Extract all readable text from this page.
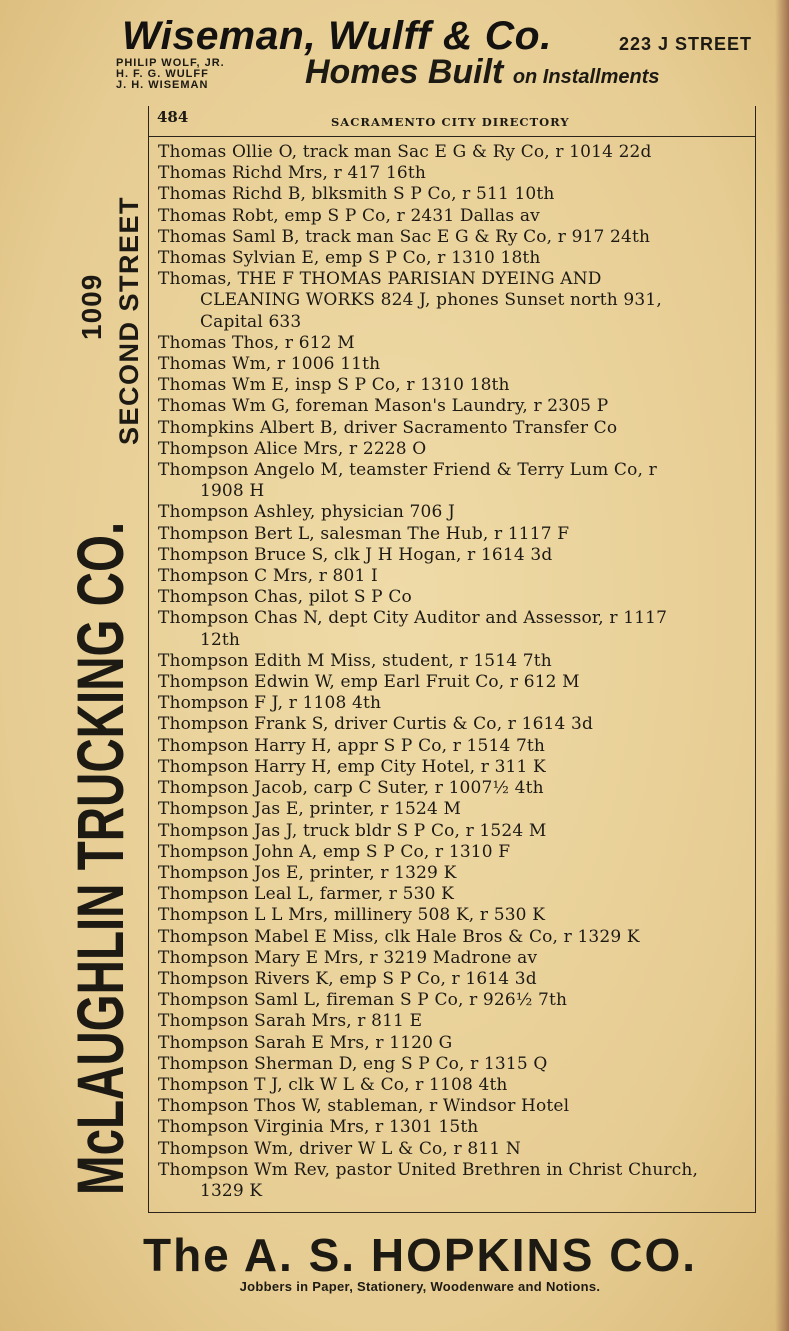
Wiseman, Wulff & Co.	223 J STREET
PHILIP WOLF, JR.
H. F. G. WULFF
J. H. WISEMAN	Homes Built on Installments
McLAUGHLIN TRUCKING CO.
SECOND STREET
1009
484	SACRAMENTO CITY DIRECTORY
Thomas Ollie O, track man Sac E G & Ry Co, r 1014 22d
Thomas Richd Mrs, r 417 16th
Thomas Richd B, blksmith S P Co, r 511 10th
Thomas Robt, emp S P Co, r 2431 Dallas av
Thomas Saml B, track man Sac E G & Ry Co, r 917 24th
Thomas Sylvian E, emp S P Co, r 1310 18th
Thomas, THE F THOMAS PARISIAN DYEING AND
CLEANING WORKS 824 J, phones Sunset north 931,
Capital 633
Thomas Thos, r 612 M
Thomas Wm, r 1006 11th
Thomas Wm E, insp S P Co, r 1310 18th
Thomas Wm G, foreman Mason's Laundry, r 2305 P
Thompkins Albert B, driver Sacramento Transfer Co
Thompson Alice Mrs, r 2228 O
Thompson Angelo M, teamster Friend & Terry Lum Co, r
1908 H
Thompson Ashley, physician 706 J
Thompson Bert L, salesman The Hub, r 1117 F
Thompson Bruce S, clk J H Hogan, r 1614 3d
Thompson C Mrs, r 801 I
Thompson Chas, pilot S P Co
Thompson Chas N, dept City Auditor and Assessor, r 1117
12th
Thompson Edith M Miss, student, r 1514 7th
Thompson Edwin W, emp Earl Fruit Co, r 612 M
Thompson F J, r 1108 4th
Thompson Frank S, driver Curtis & Co, r 1614 3d
Thompson Harry H, appr S P Co, r 1514 7th
Thompson Harry H, emp City Hotel, r 311 K
Thompson Jacob, carp C Suter, r 1007½ 4th
Thompson Jas E, printer, r 1524 M
Thompson Jas J, truck bldr S P Co, r 1524 M
Thompson John A, emp S P Co, r 1310 F
Thompson Jos E, printer, r 1329 K
Thompson Leal L, farmer, r 530 K
Thompson L L Mrs, millinery 508 K, r 530 K
Thompson Mabel E Miss, clk Hale Bros & Co, r 1329 K
Thompson Mary E Mrs, r 3219 Madrone av
Thompson Rivers K, emp S P Co, r 1614 3d
Thompson Saml L, fireman S P Co, r 926½ 7th
Thompson Sarah Mrs, r 811 E
Thompson Sarah E Mrs, r 1120 G
Thompson Sherman D, eng S P Co, r 1315 Q
Thompson T J, clk W L & Co, r 1108 4th
Thompson Thos W, stableman, r Windsor Hotel
Thompson Virginia Mrs, r 1301 15th
Thompson Wm, driver W L & Co, r 811 N
Thompson Wm Rev, pastor United Brethren in Christ Church,
1329 K
The A. S. HOPKINS CO.
Jobbers in Paper, Stationery, Woodenware and Notions.
